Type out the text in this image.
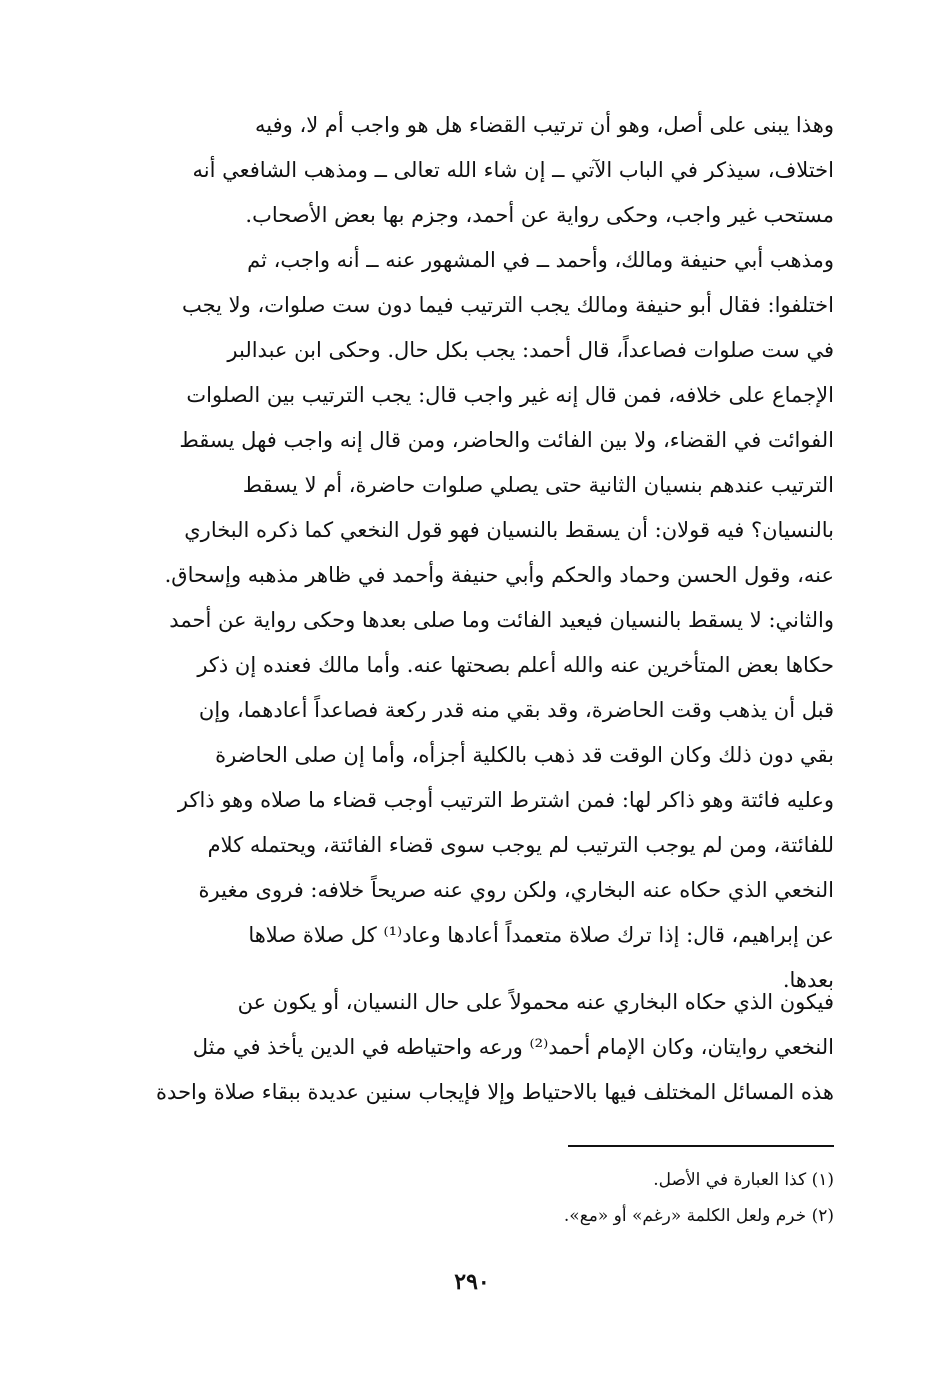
وهذا يبنى على أصل، وهو أن ترتيب القضاء هل هو واجب أم لا، وفيه
اختلاف، سيذكر في الباب الآتي ــ إن شاء الله تعالى ــ ومذهب الشافعي أنه
مستحب غير واجب، وحكى رواية عن أحمد، وجزم بها بعض الأصحاب.
ومذهب أبي حنيفة ومالك، وأحمد ــ في المشهور عنه ــ أنه واجب، ثم
اختلفوا: فقال أبو حنيفة ومالك يجب الترتيب فيما دون ست صلوات، ولا يجب
في ست صلوات فصاعداً، قال أحمد: يجب بكل حال. وحكى ابن عبدالبر
الإجماع على خلافه، فمن قال إنه غير واجب قال: يجب الترتيب بين الصلوات
الفوائت في القضاء، ولا بين الفائت والحاضر، ومن قال إنه واجب فهل يسقط
الترتيب عندهم بنسيان الثانية حتى يصلي صلوات حاضرة، أم لا يسقط
بالنسيان؟ فيه قولان: أن يسقط بالنسيان فهو قول النخعي كما ذكره البخاري
عنه، وقول الحسن وحماد والحكم وأبي حنيفة وأحمد في ظاهر مذهبه وإسحاق.
والثاني: لا يسقط بالنسيان فيعيد الفائت وما صلى بعدها وحكى رواية عن أحمد
حكاها بعض المتأخرين عنه والله أعلم بصحتها عنه. وأما مالك فعنده إن ذكر
قبل أن يذهب وقت الحاضرة، وقد بقي منه قدر ركعة فصاعداً أعادهما، وإن
بقي دون ذلك وكان الوقت قد ذهب بالكلية أجزأه، وأما إن صلى الحاضرة
وعليه فائتة وهو ذاكر لها: فمن اشترط الترتيب أوجب قضاء ما صلاه وهو ذاكر
للفائتة، ومن لم يوجب الترتيب لم يوجب سوى قضاء الفائتة، ويحتمله كلام
النخعي الذي حكاه عنه البخاري، ولكن روي عنه صريحاً خلافه: فروى مغيرة
عن إبراهيم، قال: إذا ترك صلاة متعمداً أعادها وعاد⁽¹⁾ كل صلاة صلاها
بعدها.
فيكون الذي حكاه البخاري عنه محمولاً على حال النسيان، أو يكون عن
النخعي روايتان، وكان الإمام أحمد⁽²⁾ ورعه واحتياطه في الدين يأخذ في مثل
هذه المسائل المختلف فيها بالاحتياط وإلا فإيجاب سنين عديدة ببقاء صلاة واحدة
(١) كذا العبارة في الأصل.
(٢) خرم ولعل الكلمة «رغم» أو «مع».
٢٩٠
